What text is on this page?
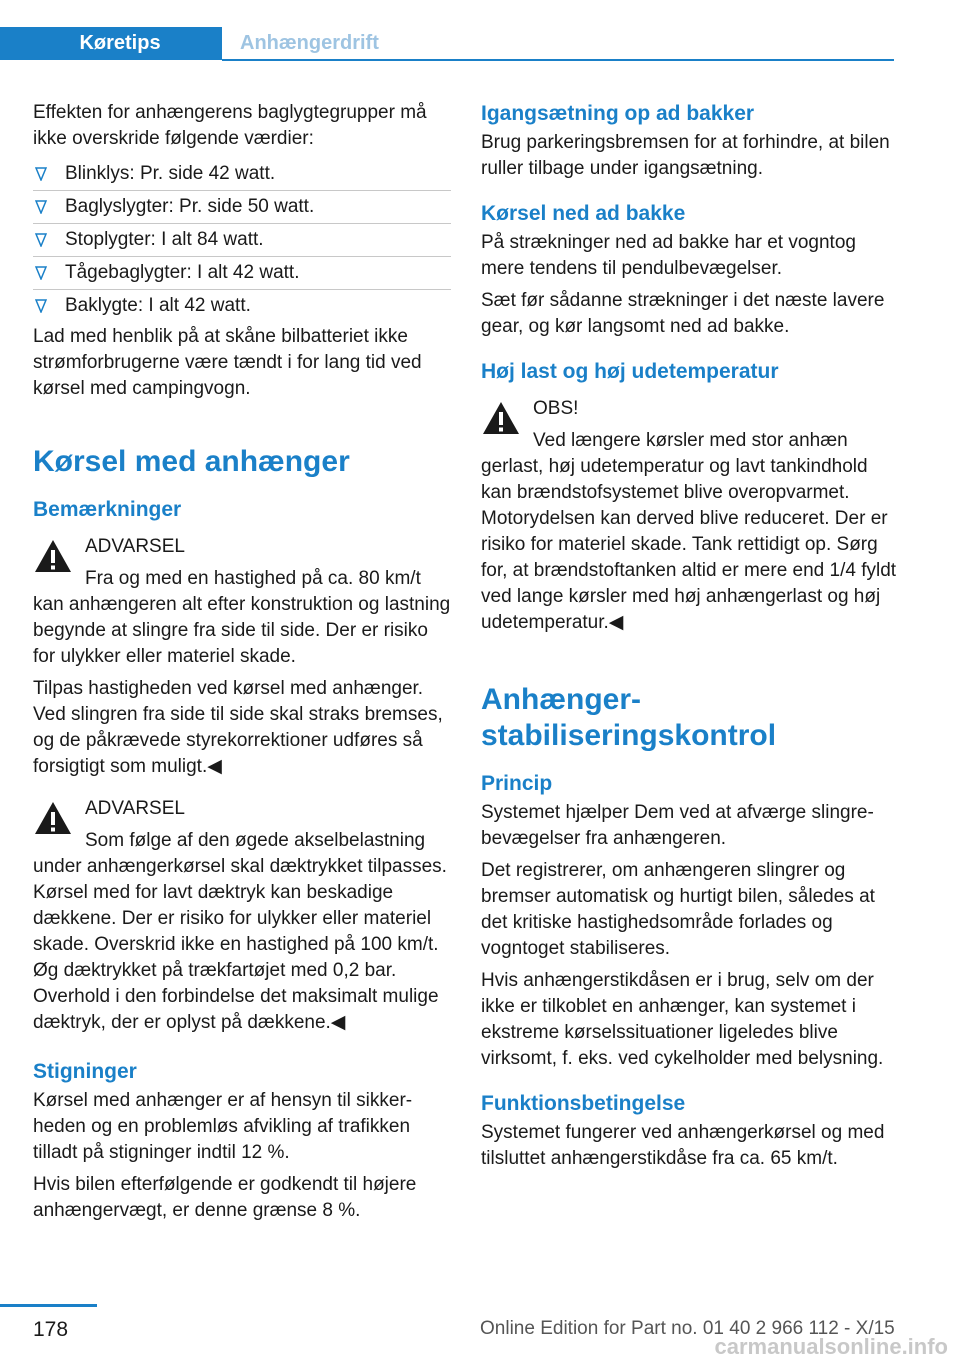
Køretips	Anhængerdrift

Effekten for anhængerens baglygtegrupper må ikke overskride følgende værdier:

Blinklys: Pr. side 42 watt.
Baglyslygter: Pr. side 50 watt.
Stoplygter: I alt 84 watt.
Tågebaglygter: I alt 42 watt.
Baklygte: I alt 42 watt.

Lad med henblik på at skåne bilbatteriet ikke strømforbrugerne være tændt i for lang tid ved kørsel med campingvogn.

Kørsel med anhænger
Bemærkninger

ADVARSEL

Fra og med en hastighed på ca. 80 km/t

kan anhængeren alt efter konstruktion og lastning begynde at slingre fra side til side. Der er risiko for ulykker eller materiel skade.

Tilpas hastigheden ved kørsel med anhænger. Ved slingren fra side til side skal straks bremses, og de påkrævede styrekorrektioner udføres så forsigtigt som muligt.◀

ADVARSEL

Som følge af den øgede akselbelastning

under anhængerkørsel skal dæktrykket tilpasses. Kørsel med for lavt dæktryk kan beskadige dækkene. Der er risiko for ulykker eller materiel skade. Overskrid ikke en hastighed på 100 km/t. Øg dæktrykket på trækfartøjet med 0,2 bar. Overhold i den forbindelse det maksimalt mulige dæktryk, der er oplyst på dækkene.◀

Stigninger

Kørsel med anhænger er af hensyn til sikkerheden og en problemløs afvikling af trafikken tilladt på stigninger indtil 12 %.

Hvis bilen efterfølgende er godkendt til højere anhængervægt, er denne grænse 8 %.

Igangsætning op ad bakker

Brug parkeringsbremsen for at forhindre, at bilen ruller tilbage under igangsætning.

Kørsel ned ad bakke

På strækninger ned ad bakke har et vogntog mere tendens til pendulbevægelser.

Sæt før sådanne strækninger i det næste lavere gear, og kør langsomt ned ad bakke.

Høj last og høj udetemperatur

OBS!

Ved længere kørsler med stor anhæn

gerlast, høj udetemperatur og lavt tankindhold kan brændstofsystemet blive overopvarmet. Motorydelsen kan derved blive reduceret. Der er risiko for materiel skade. Tank rettidigt op. Sørg for, at brændstoftanken altid er mere end 1/4 fyldt ved lange kørsler med høj anhængerlast og høj udetemperatur.◀

Anhængerstabiliseringskontrol
Princip

Systemet hjælper Dem ved at afværge slingrebevægelser fra anhængeren.

Det registrerer, om anhængeren slingrer og bremser automatisk og hurtigt bilen, således at det kritiske hastighedsområde forlades og vogntoget stabiliseres.

Hvis anhængerstikdåsen er i brug, selv om der ikke er tilkoblet en anhænger, kan systemet i ekstreme kørselssituationer ligeledes blive virksomt, f. eks. ved cykelholder med belysning.

Funktionsbetingelse

Systemet fungerer ved anhængerkørsel og med tilsluttet anhængerstikdåse fra ca. 65 km/t.

178	Online Edition for Part no. 01 40 2 966 112 - X/15
carmanualsonline.info
